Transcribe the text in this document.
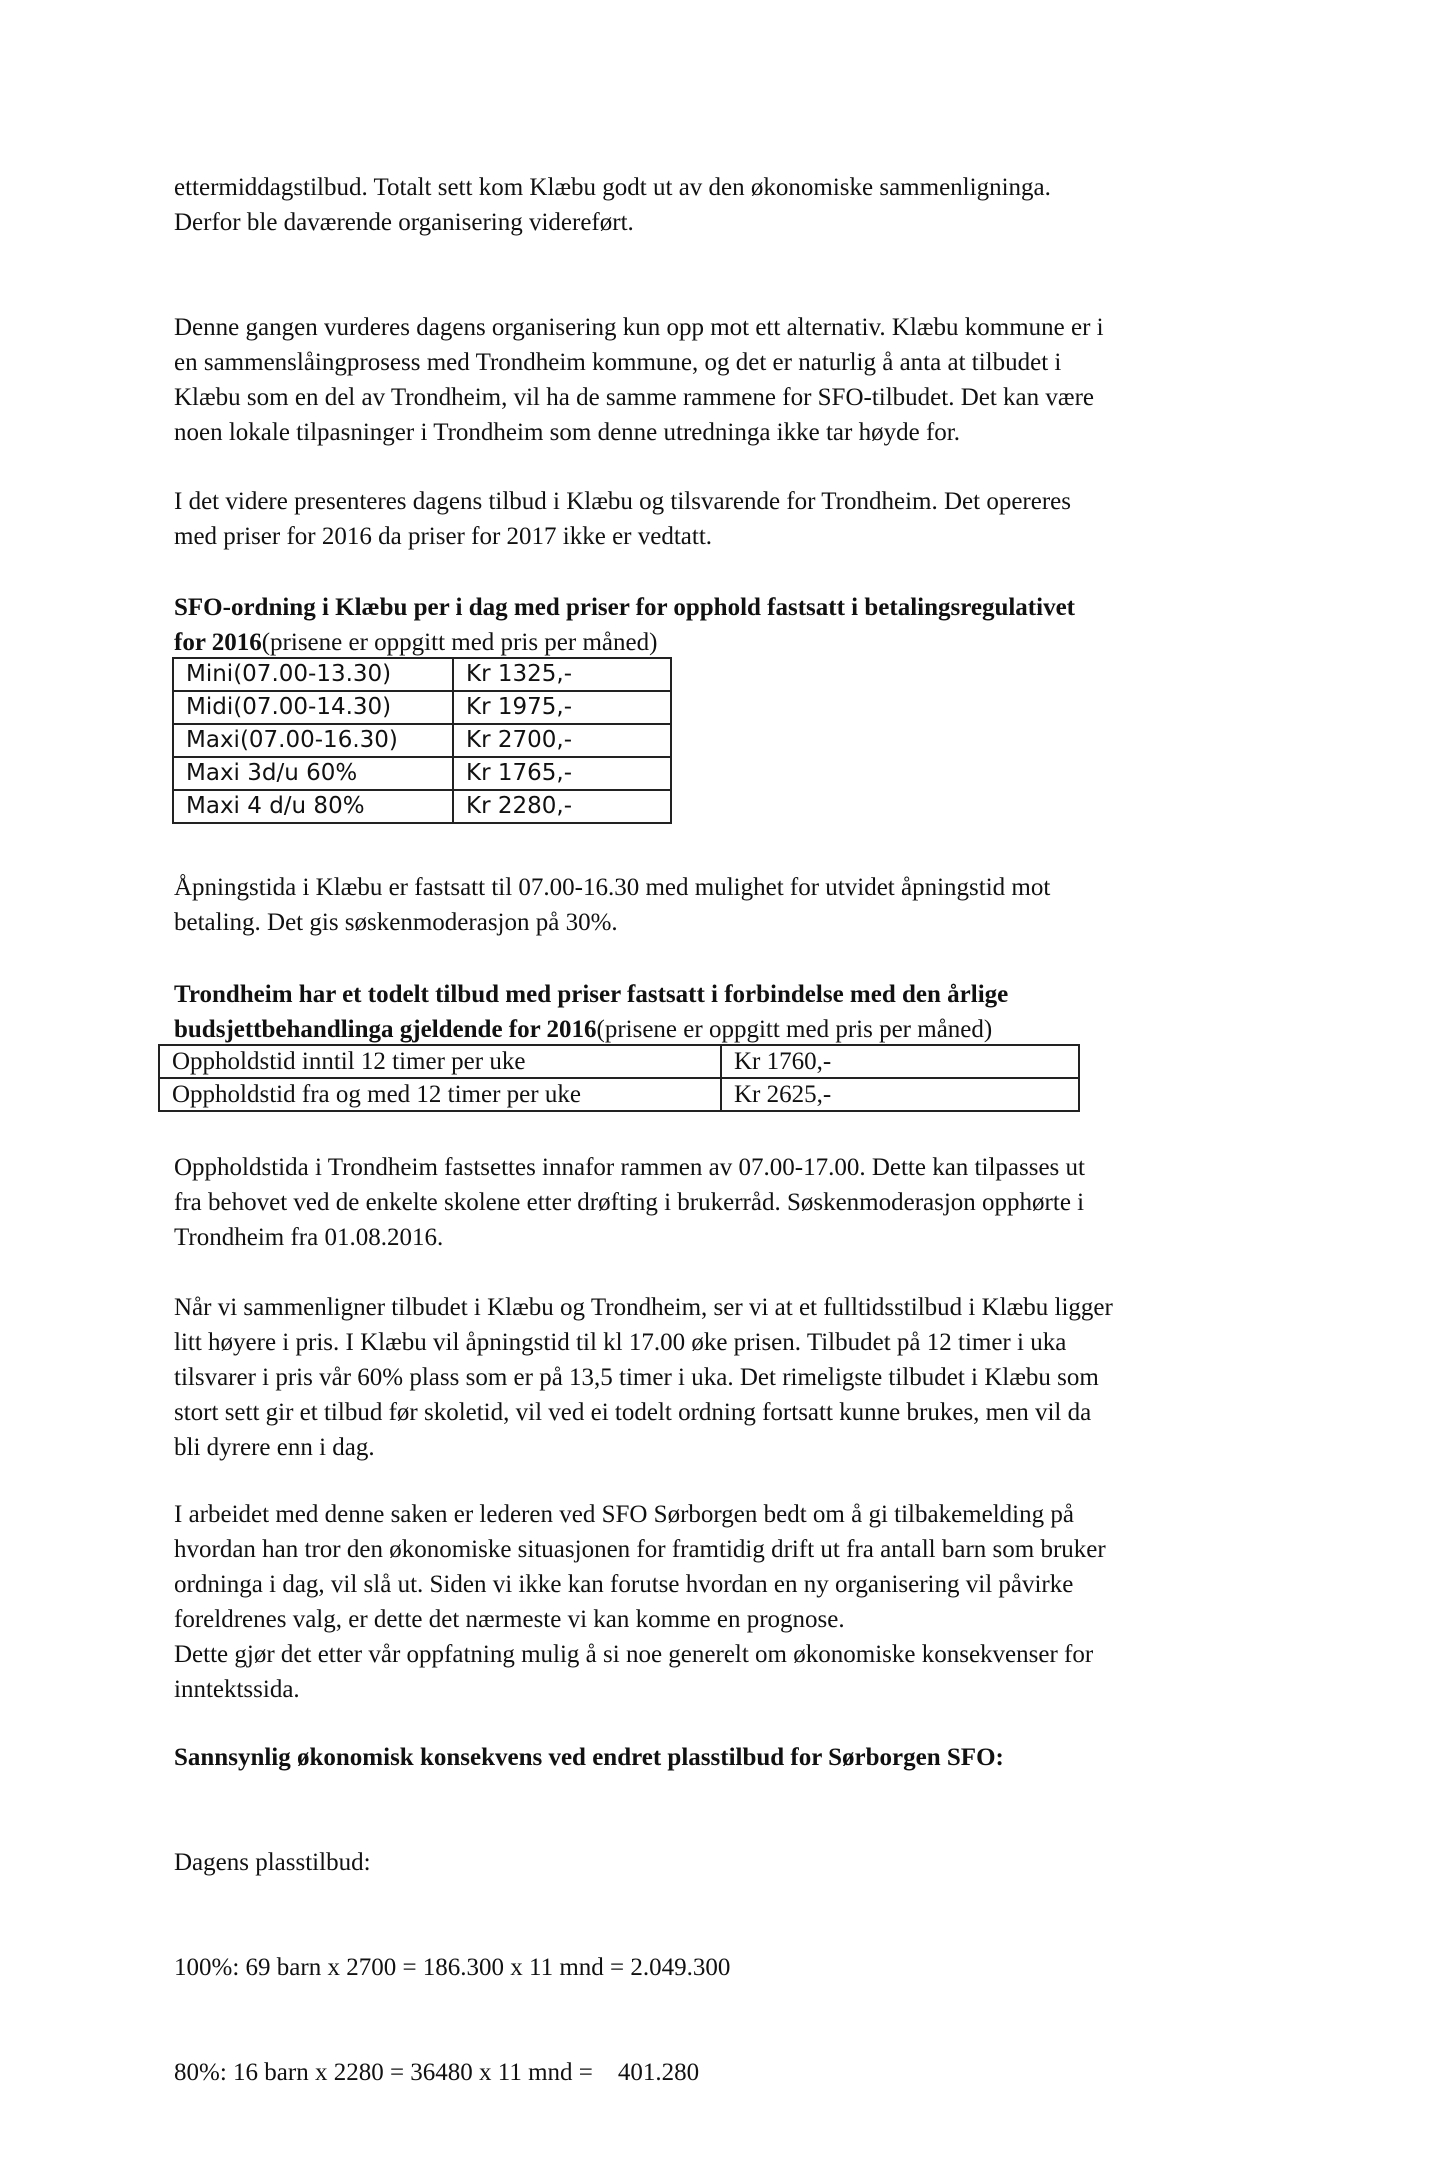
ettermiddagstilbud. Totalt sett kom Klæbu godt ut av den økonomiske sammenligninga.
Derfor ble daværende organisering videreført.
Denne gangen vurderes dagens organisering kun opp mot ett alternativ. Klæbu kommune er i
en sammenslåingprosess med Trondheim kommune, og det er naturlig å anta at tilbudet i
Klæbu som en del av Trondheim, vil ha de samme rammene for SFO-tilbudet. Det kan være
noen lokale tilpasninger i Trondheim som denne utredninga ikke tar høyde for.
I det videre presenteres dagens tilbud i Klæbu og tilsvarende for Trondheim. Det opereres
med priser for 2016 da priser for 2017 ikke er vedtatt.
SFO-ordning i Klæbu per i dag med priser for opphold fastsatt i betalingsregulativet
for 2016(prisene er oppgitt med pris per måned)
Mini(07.00-13.30)	Kr 1325,-
Midi(07.00-14.30)	Kr 1975,-
Maxi(07.00-16.30)	Kr 2700,-
Maxi 3d/u 60%	Kr 1765,-
Maxi 4 d/u 80%	Kr 2280,-
Åpningstida i Klæbu er fastsatt til 07.00-16.30 med mulighet for utvidet åpningstid mot
betaling. Det gis søskenmoderasjon på 30%.
Trondheim har et todelt tilbud med priser fastsatt i forbindelse med den årlige
budsjettbehandlinga gjeldende for 2016(prisene er oppgitt med pris per måned)
Oppholdstid inntil 12 timer per uke	Kr 1760,-
Oppholdstid fra og med 12 timer per uke	Kr 2625,-
Oppholdstida i Trondheim fastsettes innafor rammen av 07.00-17.00. Dette kan tilpasses ut
fra behovet ved de enkelte skolene etter drøfting i brukerråd. Søskenmoderasjon opphørte i
Trondheim fra 01.08.2016.
Når vi sammenligner tilbudet i Klæbu og Trondheim, ser vi at et fulltidsstilbud i Klæbu ligger
litt høyere i pris. I Klæbu vil åpningstid til kl 17.00 øke prisen. Tilbudet på 12 timer i uka
tilsvarer i pris vår 60% plass som er på 13,5 timer i uka. Det rimeligste tilbudet i Klæbu som
stort sett gir et tilbud før skoletid, vil ved ei todelt ordning fortsatt kunne brukes, men vil da
bli dyrere enn i dag.
I arbeidet med denne saken er lederen ved SFO Sørborgen bedt om å gi tilbakemelding på
hvordan han tror den økonomiske situasjonen for framtidig drift ut fra antall barn som bruker
ordninga i dag, vil slå ut. Siden vi ikke kan forutse hvordan en ny organisering vil påvirke
foreldrenes valg, er dette det nærmeste vi kan komme en prognose.
Dette gjør det etter vår oppfatning mulig å si noe generelt om økonomiske konsekvenser for
inntektssida.
Sannsynlig økonomisk konsekvens ved endret plasstilbud for Sørborgen SFO:

Dagens plasstilbud:

100%: 69 barn x 2700 = 186.300 x 11 mnd = 2.049.300

80%: 16 barn x 2280 = 36480 x 11 mnd =    401.280
